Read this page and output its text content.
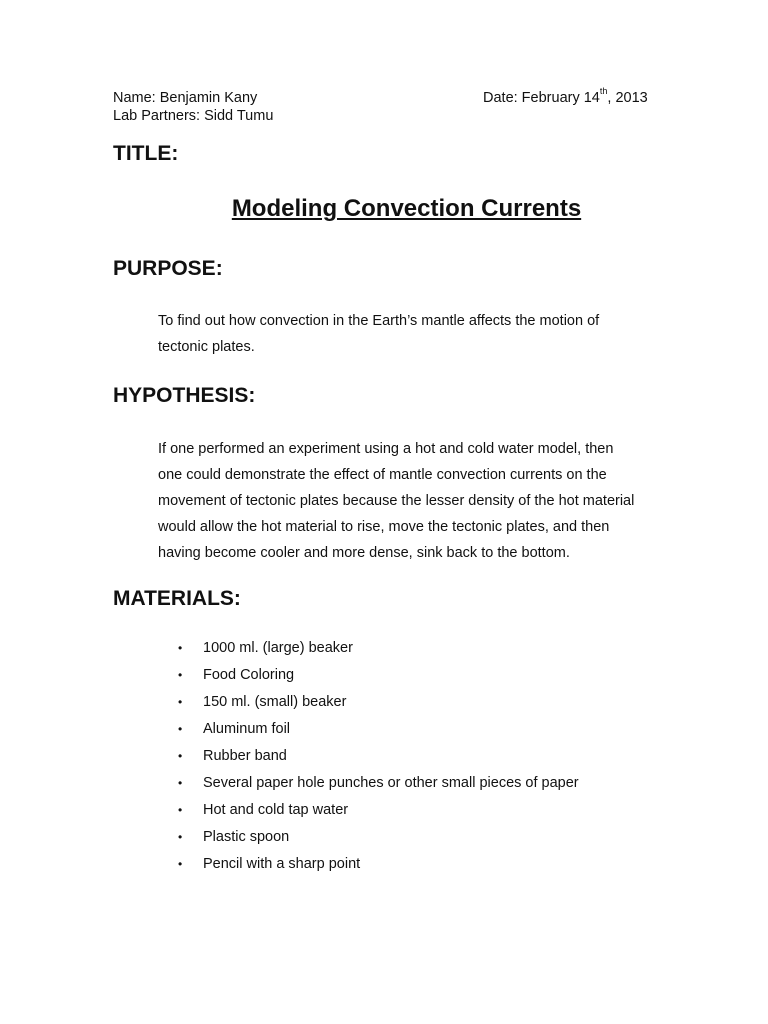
Name: Benjamin Kany
Lab Partners: Sidd Tumu
Date: February 14th, 2013
TITLE:
Modeling Convection Currents
PURPOSE:

To find out how convection in the Earth’s mantle affects the motion of
tectonic plates.

HYPOTHESIS:

If one performed an experiment using a hot and cold water model, then
one could demonstrate the effect of mantle convection currents on the
movement of tectonic plates because the lesser density of the hot material
would allow the hot material to rise, move the tectonic plates, and then
having become cooler and more dense, sink back to the bottom.

MATERIALS:
•	1000 ml. (large) beaker
•	Food Coloring
•	150 ml. (small) beaker
•	Aluminum foil
•	Rubber band
•	Several paper hole punches or other small pieces of paper
•	Hot and cold tap water
•	Plastic spoon
•	Pencil with a sharp point
